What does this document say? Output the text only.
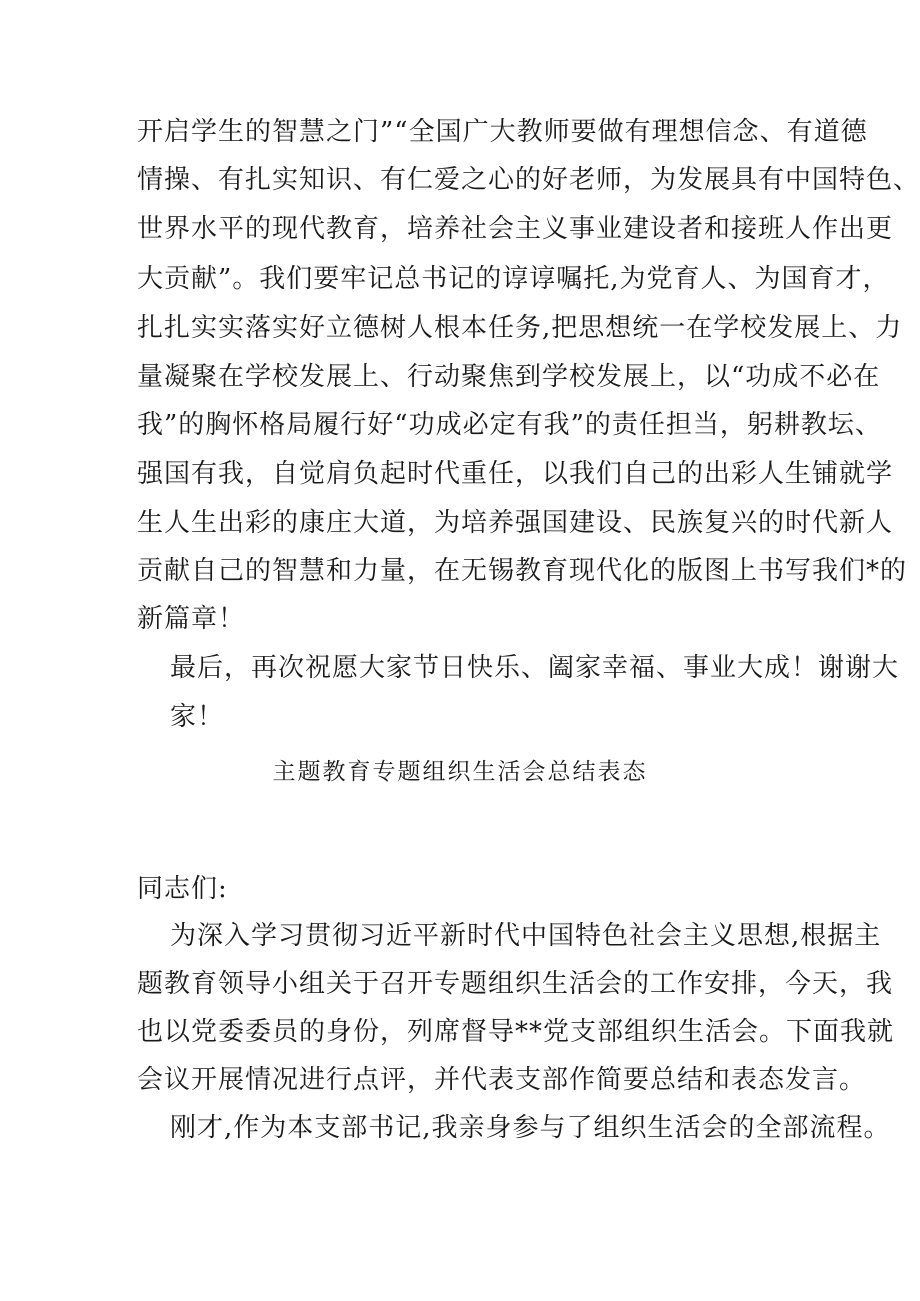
开启学生的智慧之门”“全国广大教师要做有理想信念、有道德
情操、有扎实知识、有仁爱之心的好老师，为发展具有中国特色、
世界水平的现代教育，培养社会主义事业建设者和接班人作出更
大贡献”。我们要牢记总书记的谆谆嘱托,为党育人、为国育才，
扎扎实实落实好立德树人根本任务,把思想统一在学校发展上、力
量凝聚在学校发展上、行动聚焦到学校发展上，以“功成不必在
我”的胸怀格局履行好“功成必定有我”的责任担当，躬耕教坛、
强国有我，自觉肩负起时代重任，以我们自己的出彩人生铺就学
生人生出彩的康庄大道，为培养强国建设、民族复兴的时代新人
贡献自己的智慧和力量，在无锡教育现代化的版图上书写我们*的
新篇章！
最后，再次祝愿大家节日快乐、阖家幸福、事业大成！谢谢大
家！
主题教育专题组织生活会总结表态
同志们:
为深入学习贯彻习近平新时代中国特色社会主义思想,根据主
题教育领导小组关于召开专题组织生活会的工作安排，今天，我
也以党委委员的身份，列席督导**党支部组织生活会。下面我就
会议开展情况进行点评，并代表支部作简要总结和表态发言。
刚才,作为本支部书记,我亲身参与了组织生活会的全部流程。
